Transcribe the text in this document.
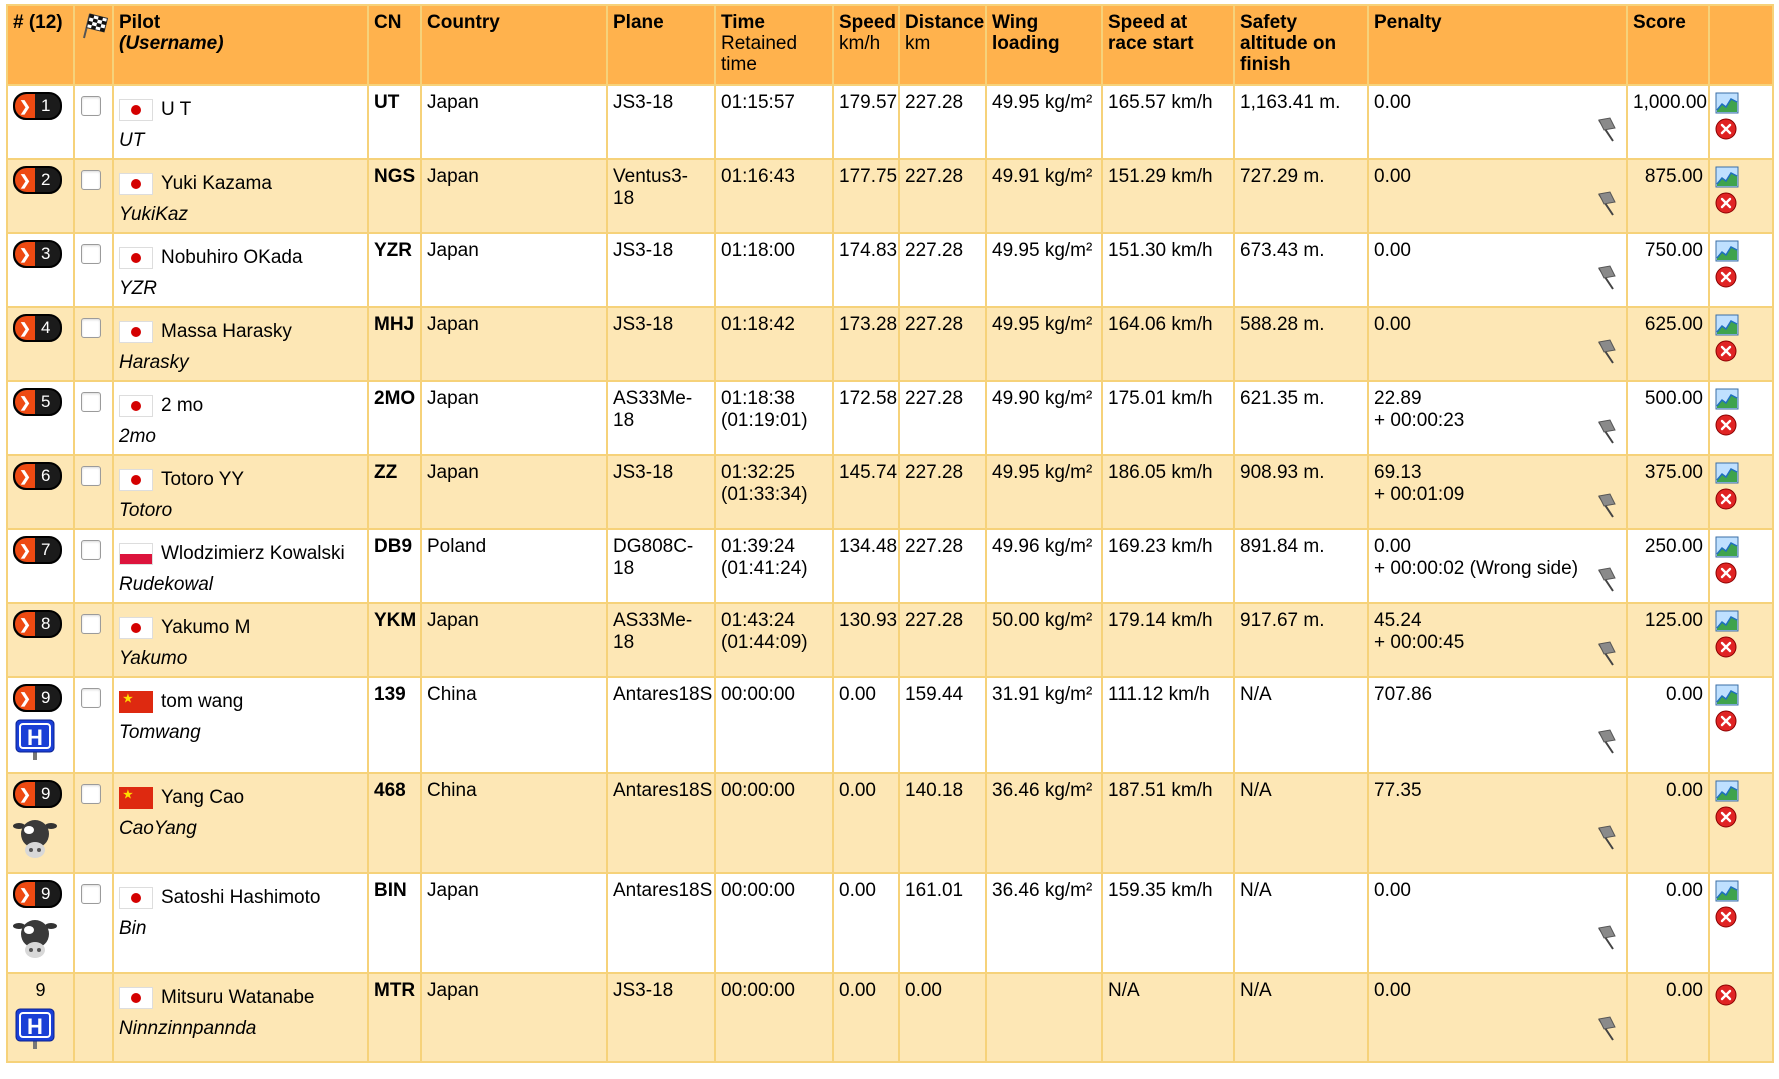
# (12)		Pilot
(Username)	CN	Country	Plane	Time
Retained time	Speed
km/h	Distance
km	Wing loading	Speed at race start	Safety altitude on finish	Penalty	Score	

❯ 1		U T
UT	UT	Japan	JS3-18	01:15:57	179.57	227.28	49.95 kg/m²	165.57 km/h	1,163.41 m.	0.00	1,000.00	

❯ 2		Yuki Kazama
YukiKaz	NGS	Japan	Ventus3-18	01:16:43	177.75	227.28	49.91 kg/m²	151.29 km/h	727.29 m.	0.00	875.00	

❯ 3		Nobuhiro OKada
YZR	YZR	Japan	JS3-18	01:18:00	174.83	227.28	49.95 kg/m²	151.30 km/h	673.43 m.	0.00	750.00	

❯ 4		Massa Harasky
Harasky	MHJ	Japan	JS3-18	01:18:42	173.28	227.28	49.95 kg/m²	164.06 km/h	588.28 m.	0.00	625.00	

❯ 5		2 mo
2mo	2MO	Japan	AS33Me-18	01:18:38
(01:19:01)	172.58	227.28	49.90 kg/m²	175.01 km/h	621.35 m.	22.89
+ 00:00:23	500.00	

❯ 6		Totoro YY
Totoro	ZZ	Japan	JS3-18	01:32:25
(01:33:34)	145.74	227.28	49.95 kg/m²	186.05 km/h	908.93 m.	69.13
+ 00:01:09	375.00	

❯ 7		Wlodzimierz Kowalski
Rudekowal	DB9	Poland	DG808C-18	01:39:24
(01:41:24)	134.48	227.28	49.96 kg/m²	169.23 km/h	891.84 m.	0.00
+ 00:00:02 (Wrong side)	250.00	

❯ 8		Yakumo M
Yakumo	YKM	Japan	AS33Me-18	01:43:24
(01:44:09)	130.93	227.28	50.00 kg/m²	179.14 km/h	917.67 m.	45.24
+ 00:00:45	125.00	

❯ 9
H

★
tom wang
Tomwang	139	China	Antares18S	00:00:00	0.00	159.44	31.91 kg/m²	111.12 km/h	N/A	707.86	0.00	

❯ 9

★Yang Cao
CaoYang	468	China	Antares18S	00:00:00	0.00	140.18	36.46 kg/m²	187.51 km/h	N/A	77.35	0.00	

❯ 9		Satoshi Hashimoto
Bin	BIN	Japan	Antares18S	00:00:00	0.00	161.01	36.46 kg/m²	159.35 km/h	N/A	0.00	0.00	

9
H		Mitsuru Watanabe
Ninnzinnpannda	MTR	Japan	JS3-18	00:00:00	0.00	0.00		N/A	N/A	0.00	0.00	
